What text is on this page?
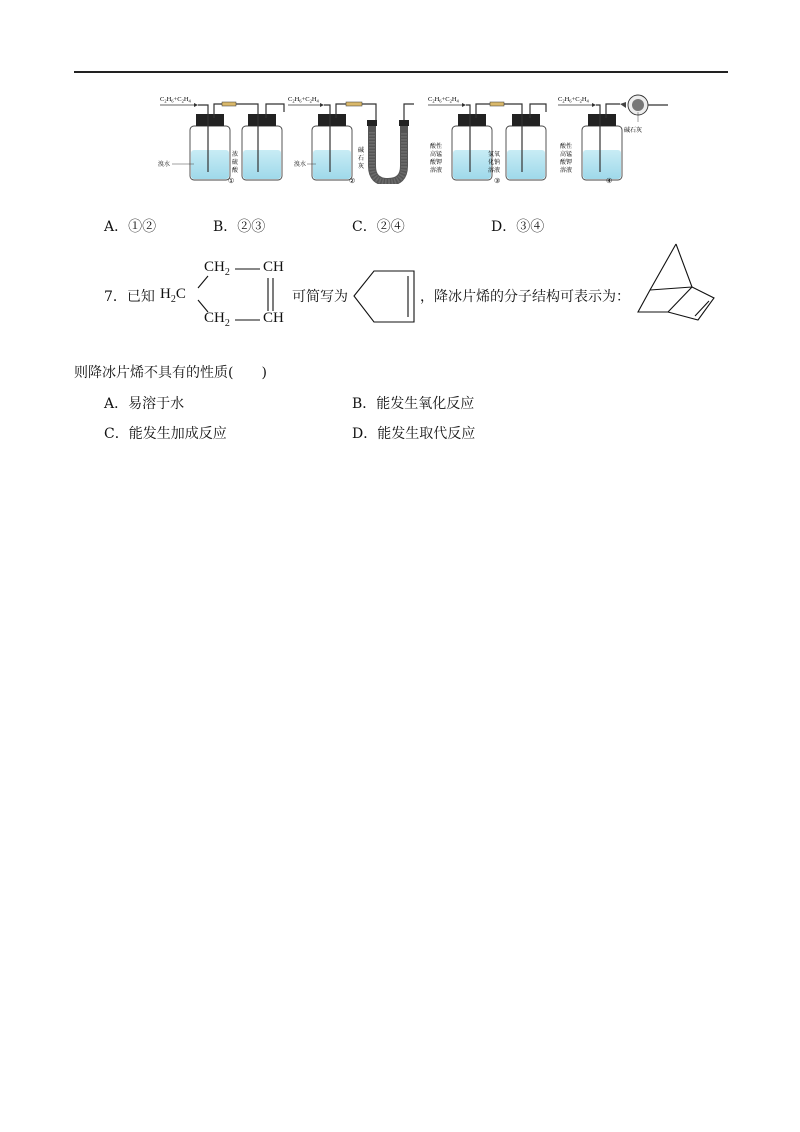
$C_2H_6+C_2H_4$
溴水
浓
硫
酸
①
$C_2H_6+C_2H_4$
溴水
碱
石
灰
②
$C_2H_6+C_2H_4$
酸性
高锰
酸钾
溶液
氢氧
化钠
溶液
③
$C_2H_6+C_2H_4$
碱石灰
酸性
高锰
酸钾
溶液
④
A．①②	B．②③	C．②④	D．③④
7．已知
$CH_2$ CH
$H_2C$
$CH_2$ CH
可简写为	，降冰片烯的分子结构可表示为：
则降冰片烯不具有的性质(　　)
A．易溶于水	B．能发生氧化反应
C．能发生加成反应	D．能发生取代反应
